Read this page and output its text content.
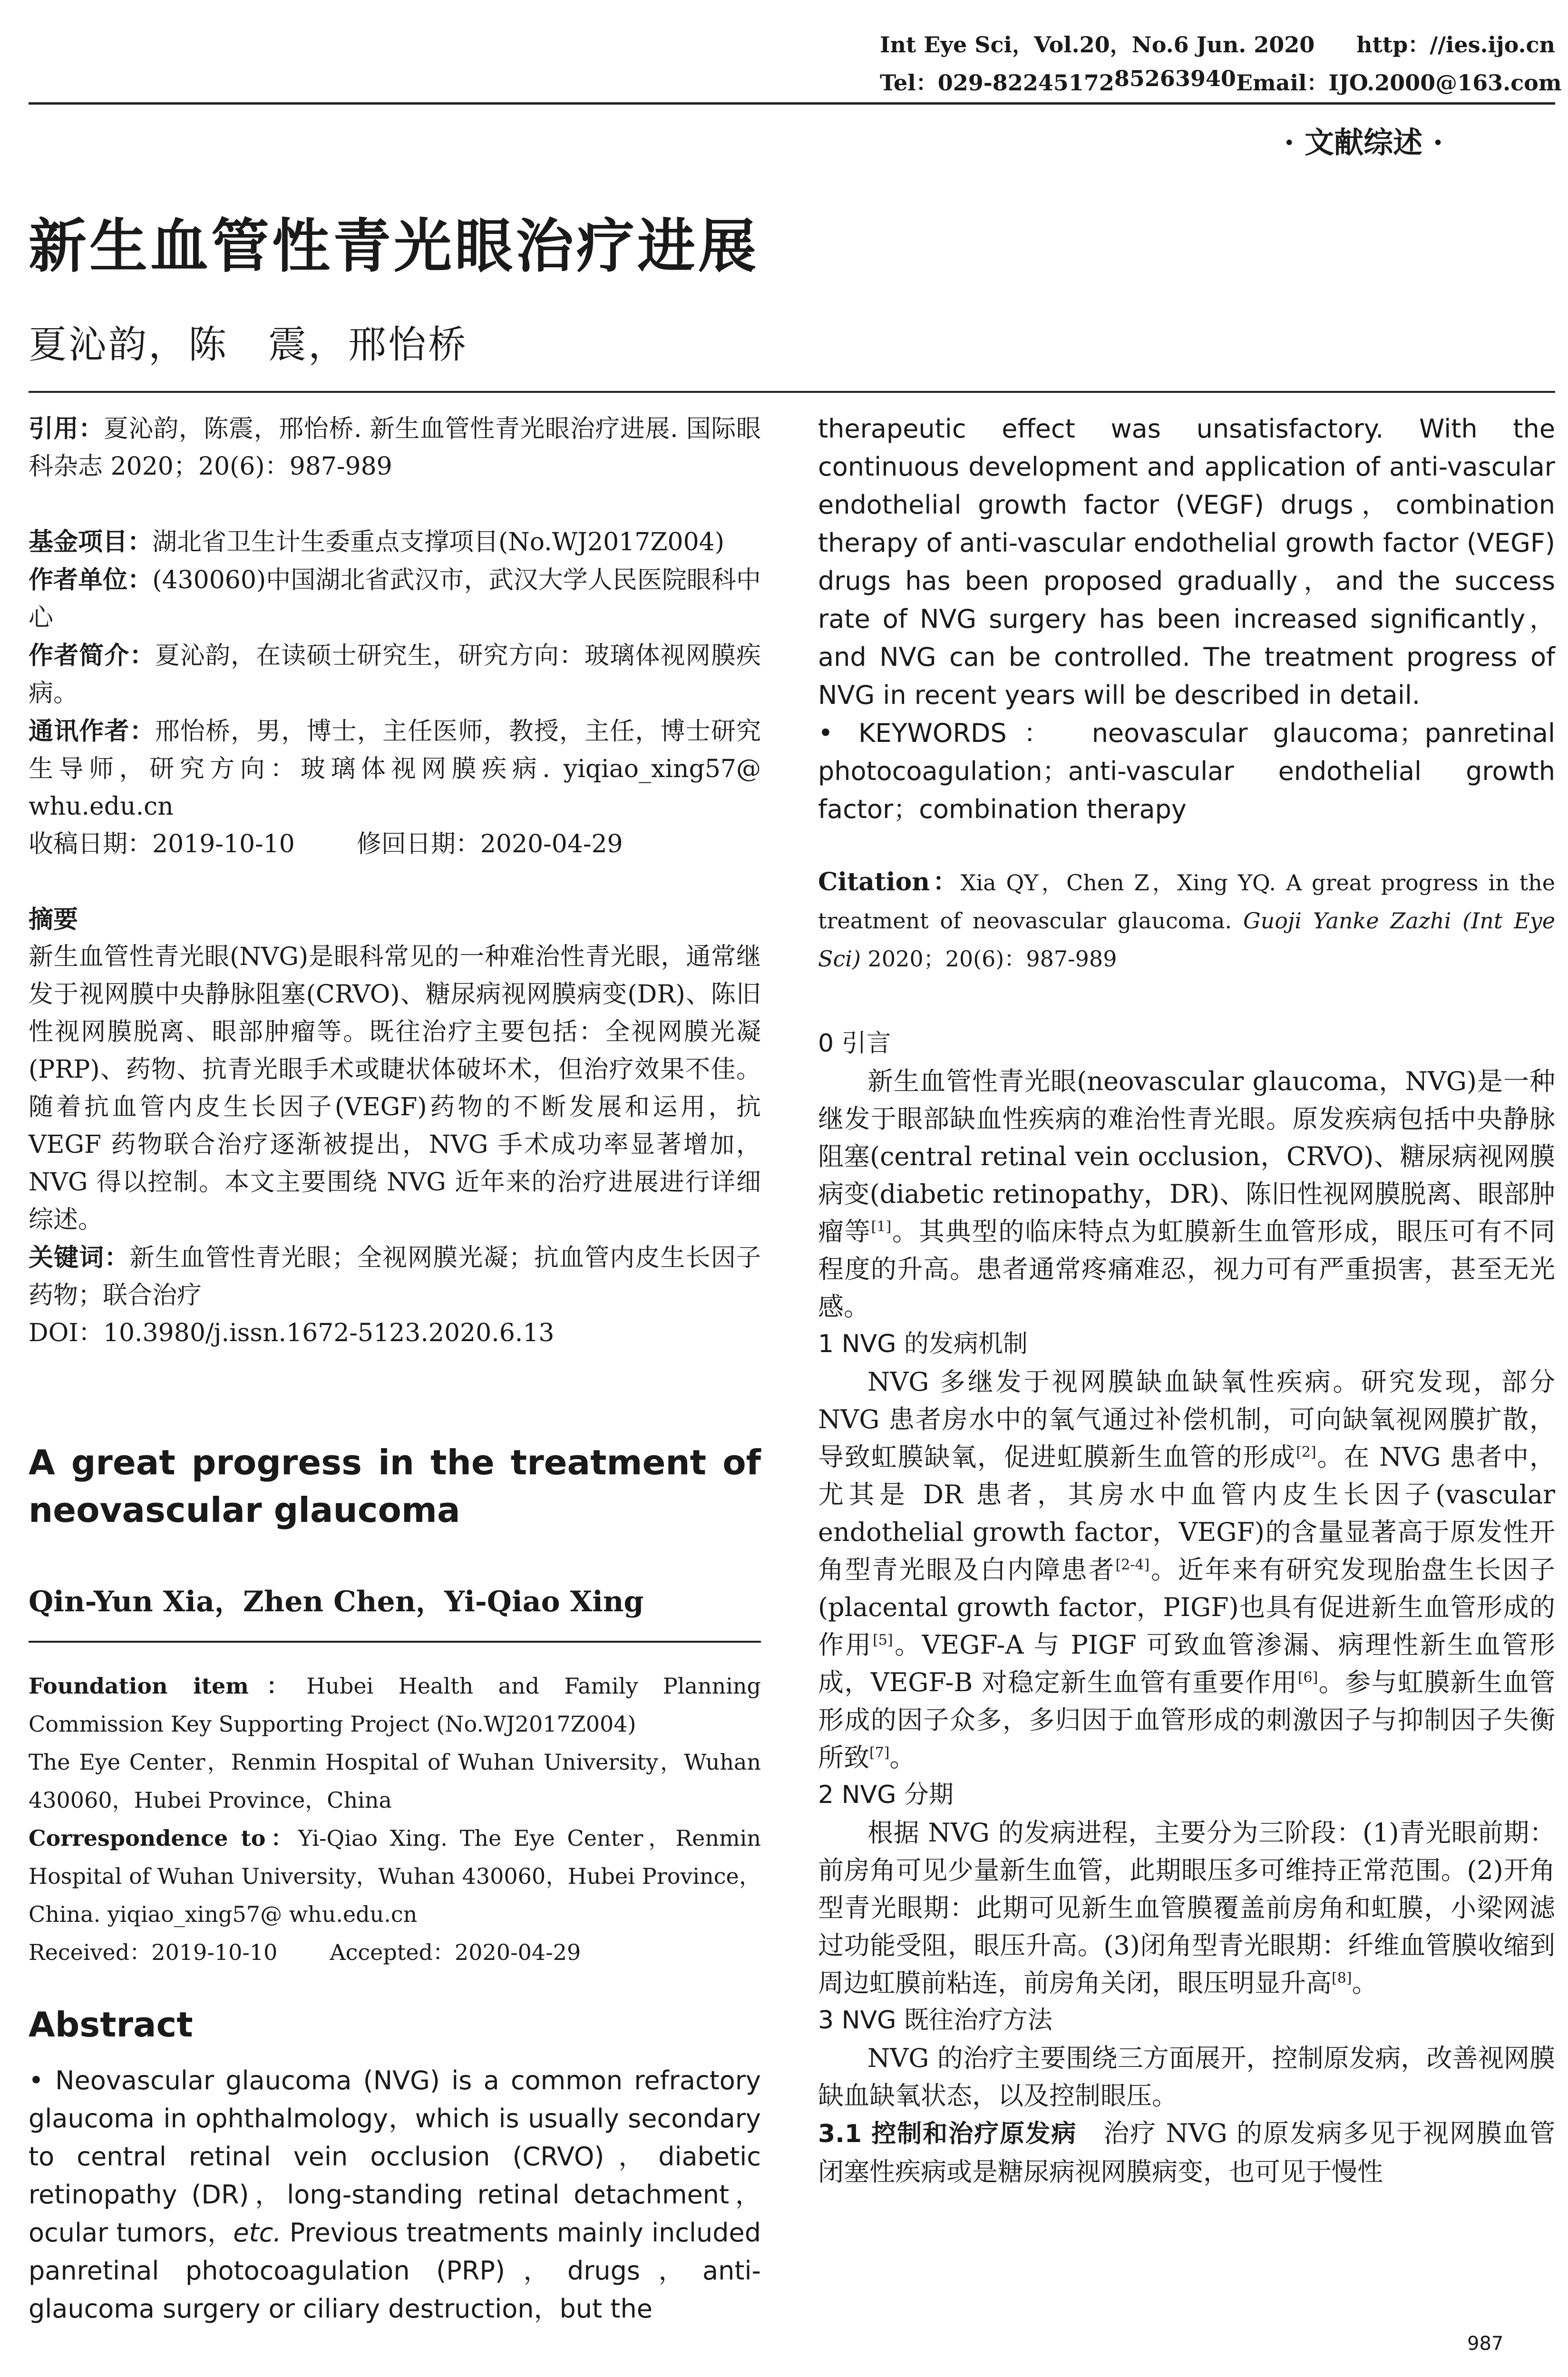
Int Eye Sci，Vol.20，No.6 Jun. 2020 http：//ies.ijo.cn
Tel：029-82245172 85263940 Email：IJO.2000@163.com
· 文献综述 ·
新生血管性青光眼治疗进展
夏沁韵，陈　震，邢怡桥

引用：夏沁韵，陈震，邢怡桥. 新生血管性青光眼治疗进展. 国际眼科杂志 2020；20(6)：987-989

基金项目：湖北省卫生计生委重点支撑项目(No.WJ2017Z004)

作者单位：(430060)中国湖北省武汉市，武汉大学人民医院眼科中心

作者简介：夏沁韵，在读硕士研究生，研究方向：玻璃体视网膜疾病。

通讯作者：邢怡桥，男，博士，主任医师，教授，主任，博士研究生导师，研究方向：玻璃体视网膜疾病. yiqiao_xing57@ whu.edu.cn

收稿日期：2019-10-10	修回日期：2020-04-29

摘要

新生血管性青光眼(NVG)是眼科常见的一种难治性青光眼，通常继发于视网膜中央静脉阻塞(CRVO)、糖尿病视网膜病变(DR)、陈旧性视网膜脱离、眼部肿瘤等。既往治疗主要包括：全视网膜光凝(PRP)、药物、抗青光眼手术或睫状体破坏术，但治疗效果不佳。随着抗血管内皮生长因子(VEGF)药物的不断发展和运用，抗 VEGF 药物联合治疗逐渐被提出，NVG 手术成功率显著增加，NVG 得以控制。本文主要围绕 NVG 近年来的治疗进展进行详细综述。

关键词：新生血管性青光眼；全视网膜光凝；抗血管内皮生长因子药物；联合治疗

DOI：10.3980/j.issn.1672-5123.2020.6.13

A great progress in the treatment of neovascular glaucoma
Qin-Yun Xia，Zhen Chen，Yi-Qiao Xing

Foundation item：Hubei Health and Family Planning Commission Key Supporting Project (No.WJ2017Z004)

The Eye Center，Renmin Hospital of Wuhan University，Wuhan 430060，Hubei Province，China

Correspondence to：Yi-Qiao Xing. The Eye Center，Renmin Hospital of Wuhan University，Wuhan 430060，Hubei Province，China. yiqiao_xing57@ whu.edu.cn

Received：2019-10-10 Accepted：2020-04-29

Abstract

• Neovascular glaucoma (NVG) is a common refractory glaucoma in ophthalmology，which is usually secondary to central retinal vein occlusion (CRVO)，diabetic retinopathy (DR)，long-standing retinal detachment，ocular tumors，etc. Previous treatments mainly included panretinal photocoagulation (PRP)，drugs，anti-glaucoma surgery or ciliary destruction，but the

therapeutic effect was unsatisfactory. With the continuous development and application of anti-vascular endothelial growth factor (VEGF) drugs，combination therapy of anti-vascular endothelial growth factor (VEGF) drugs has been proposed gradually，and the success rate of NVG surgery has been increased significantly，and NVG can be controlled. The treatment progress of NVG in recent years will be described in detail.

• KEYWORDS： neovascular glaucoma；panretinal photocoagulation；anti-vascular endothelial growth factor；combination therapy

Citation：Xia QY，Chen Z，Xing YQ. A great progress in the treatment of neovascular glaucoma. Guoji Yanke Zazhi (Int Eye Sci) 2020；20(6)：987-989

0 引言

新生血管性青光眼(neovascular glaucoma，NVG)是一种继发于眼部缺血性疾病的难治性青光眼。原发疾病包括中央静脉阻塞(central retinal vein occlusion，CRVO)、糖尿病视网膜病变(diabetic retinopathy，DR)、陈旧性视网膜脱离、眼部肿瘤等[1]。其典型的临床特点为虹膜新生血管形成，眼压可有不同程度的升高。患者通常疼痛难忍，视力可有严重损害，甚至无光感。

1 NVG 的发病机制

NVG 多继发于视网膜缺血缺氧性疾病。研究发现，部分 NVG 患者房水中的氧气通过补偿机制，可向缺氧视网膜扩散，导致虹膜缺氧，促进虹膜新生血管的形成[2]。在 NVG 患者中，尤其是 DR 患者，其房水中血管内皮生长因子(vascular endothelial growth factor，VEGF)的含量显著高于原发性开角型青光眼及白内障患者[2-4]。近年来有研究发现胎盘生长因子(placental growth factor，PIGF)也具有促进新生血管形成的作用[5]。VEGF-A 与 PIGF 可致血管渗漏、病理性新生血管形成，VEGF-B 对稳定新生血管有重要作用[6]。参与虹膜新生血管形成的因子众多，多归因于血管形成的刺激因子与抑制因子失衡所致[7]。

2 NVG 分期

根据 NVG 的发病进程，主要分为三阶段：(1)青光眼前期：前房角可见少量新生血管，此期眼压多可维持正常范围。(2)开角型青光眼期：此期可见新生血管膜覆盖前房角和虹膜，小梁网滤过功能受阻，眼压升高。(3)闭角型青光眼期：纤维血管膜收缩到周边虹膜前粘连，前房角关闭，眼压明显升高[8]。

3 NVG 既往治疗方法

NVG 的治疗主要围绕三方面展开，控制原发病，改善视网膜缺血缺氧状态，以及控制眼压。

3.1 控制和治疗原发病　治疗 NVG 的原发病多见于视网膜血管闭塞性疾病或是糖尿病视网膜病变，也可见于慢性

987
